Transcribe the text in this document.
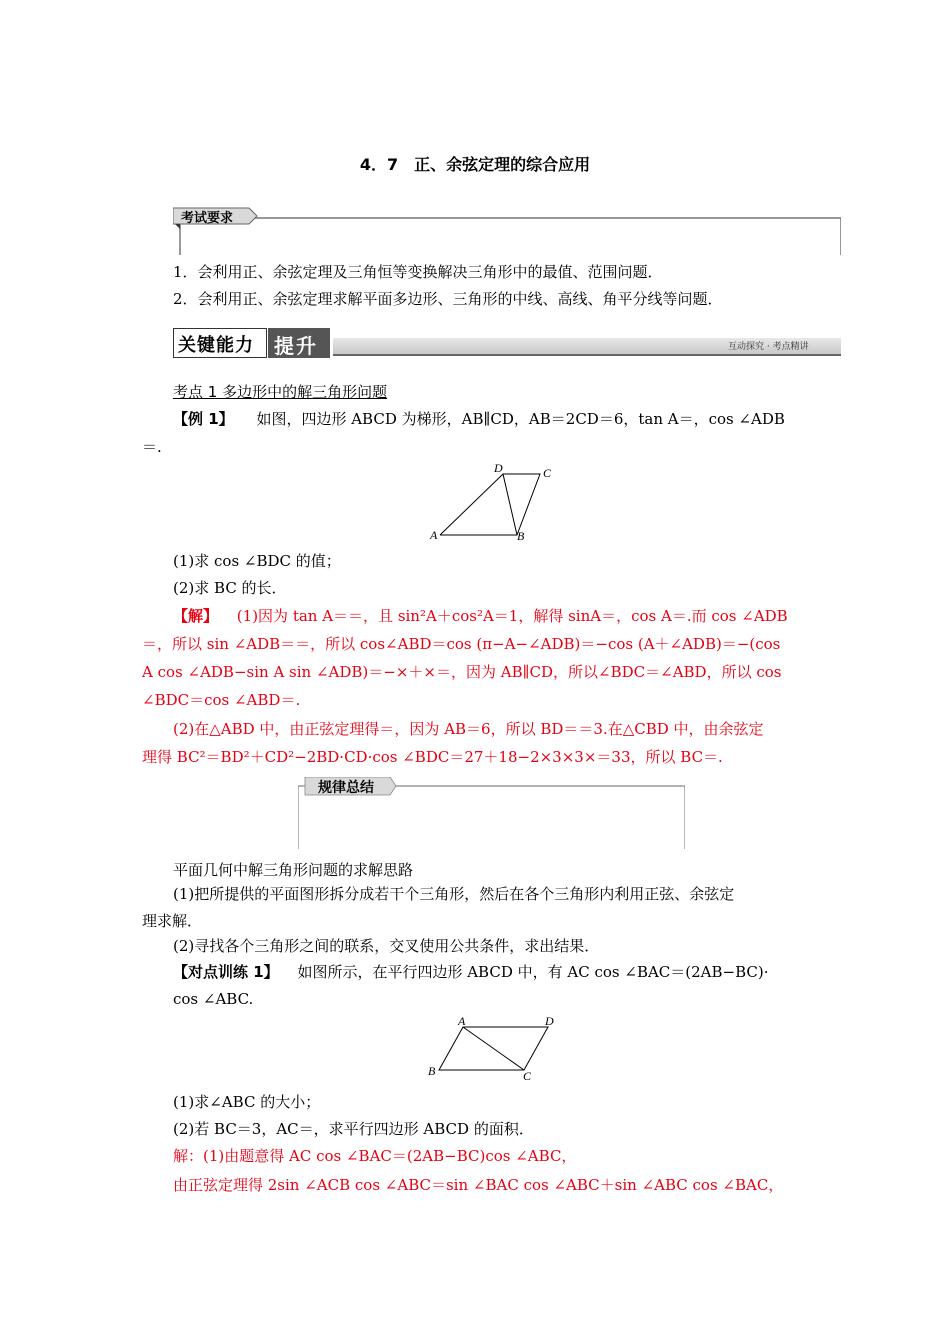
4．7　正、余弦定理的综合应用
考试要求
1．会利用正、余弦定理及三角恒等变换解决三角形中的最值、范围问题．
2．会利用正、余弦定理求解平面多边形、三角形的中线、高线、角平分线等问题．
关键能力 提升	互动探究 · 考点精讲
考点 1 多边形中的解三角形问题
【例 1】 如图，四边形 ABCD 为梯形，AB∥CD，AB＝2CD＝6，tan A＝，cos ∠ADB
＝.
D	C
A	B
(1)求 cos ∠BDC 的值；
(2)求 BC 的长．
【解】 (1)因为 tan A＝＝，且 sin²A＋cos²A＝1，解得 sinA＝，cos A＝.而 cos ∠ADB
＝，所以 sin ∠ADB＝＝，所以 cos∠ABD＝cos (π−A−∠ADB)＝−cos (A＋∠ADB)＝−(cos
A cos ∠ADB−sin A sin ∠ADB)＝−×＋×＝，因为 AB∥CD，所以∠BDC＝∠ABD，所以 cos
∠BDC＝cos ∠ABD＝.
(2)在△ABD 中，由正弦定理得＝，因为 AB＝6，所以 BD＝＝3.在△CBD 中，由余弦定
理得 BC²＝BD²＋CD²−2BD·CD·cos ∠BDC＝27＋18−2×3×3×＝33，所以 BC＝.
规律总结
平面几何中解三角形问题的求解思路
(1)把所提供的平面图形拆分成若干个三角形，然后在各个三角形内利用正弦、余弦定
理求解．
(2)寻找各个三角形之间的联系，交叉使用公共条件，求出结果．
【对点训练 1】 如图所示，在平行四边形 ABCD 中，有 AC cos ∠BAC＝(2AB−BC)·
cos ∠ABC.
A	D
B	C
(1)求∠ABC 的大小；
(2)若 BC＝3，AC＝，求平行四边形 ABCD 的面积．
解：(1)由题意得 AC cos ∠BAC＝(2AB−BC)cos ∠ABC，
由正弦定理得 2sin ∠ACB cos ∠ABC＝sin ∠BAC cos ∠ABC＋sin ∠ABC cos ∠BAC，
